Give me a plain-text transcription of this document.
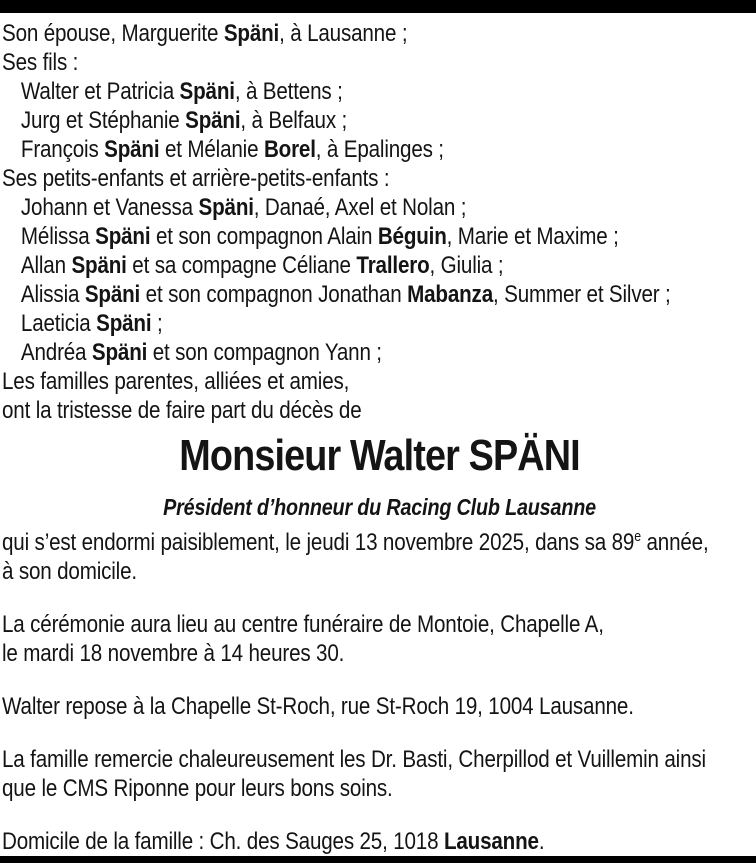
Son épouse, Marguerite Späni, à Lausanne ;
Ses fils :
Walter et Patricia Späni, à Bettens ;
Jurg et Stéphanie Späni, à Belfaux ;
François Späni et Mélanie Borel, à Epalinges ;
Ses petits-enfants et arrière-petits-enfants :
Johann et Vanessa Späni, Danaé, Axel et Nolan ;
Mélissa Späni et son compagnon Alain Béguin, Marie et Maxime ;
Allan Späni et sa compagne Céliane Trallero, Giulia ;
Alissia Späni et son compagnon Jonathan Mabanza, Summer et Silver ;
Laeticia Späni ;
Andréa Späni et son compagnon Yann ;
Les familles parentes, alliées et amies,
ont la tristesse de faire part du décès de
Monsieur Walter SPÄNI
Président d’honneur du Racing Club Lausanne
qui s’est endormi paisiblement, le jeudi 13 novembre 2025, dans sa 89e année,
à son domicile.
La cérémonie aura lieu au centre funéraire de Montoie, Chapelle A,
le mardi 18 novembre à 14 heures 30.
Walter repose à la Chapelle St-Roch, rue St-Roch 19, 1004 Lausanne.
La famille remercie chaleureusement les Dr. Basti, Cherpillod et Vuillemin ainsi
que le CMS Riponne pour leurs bons soins.
Domicile de la famille : Ch. des Sauges 25, 1018 Lausanne.
